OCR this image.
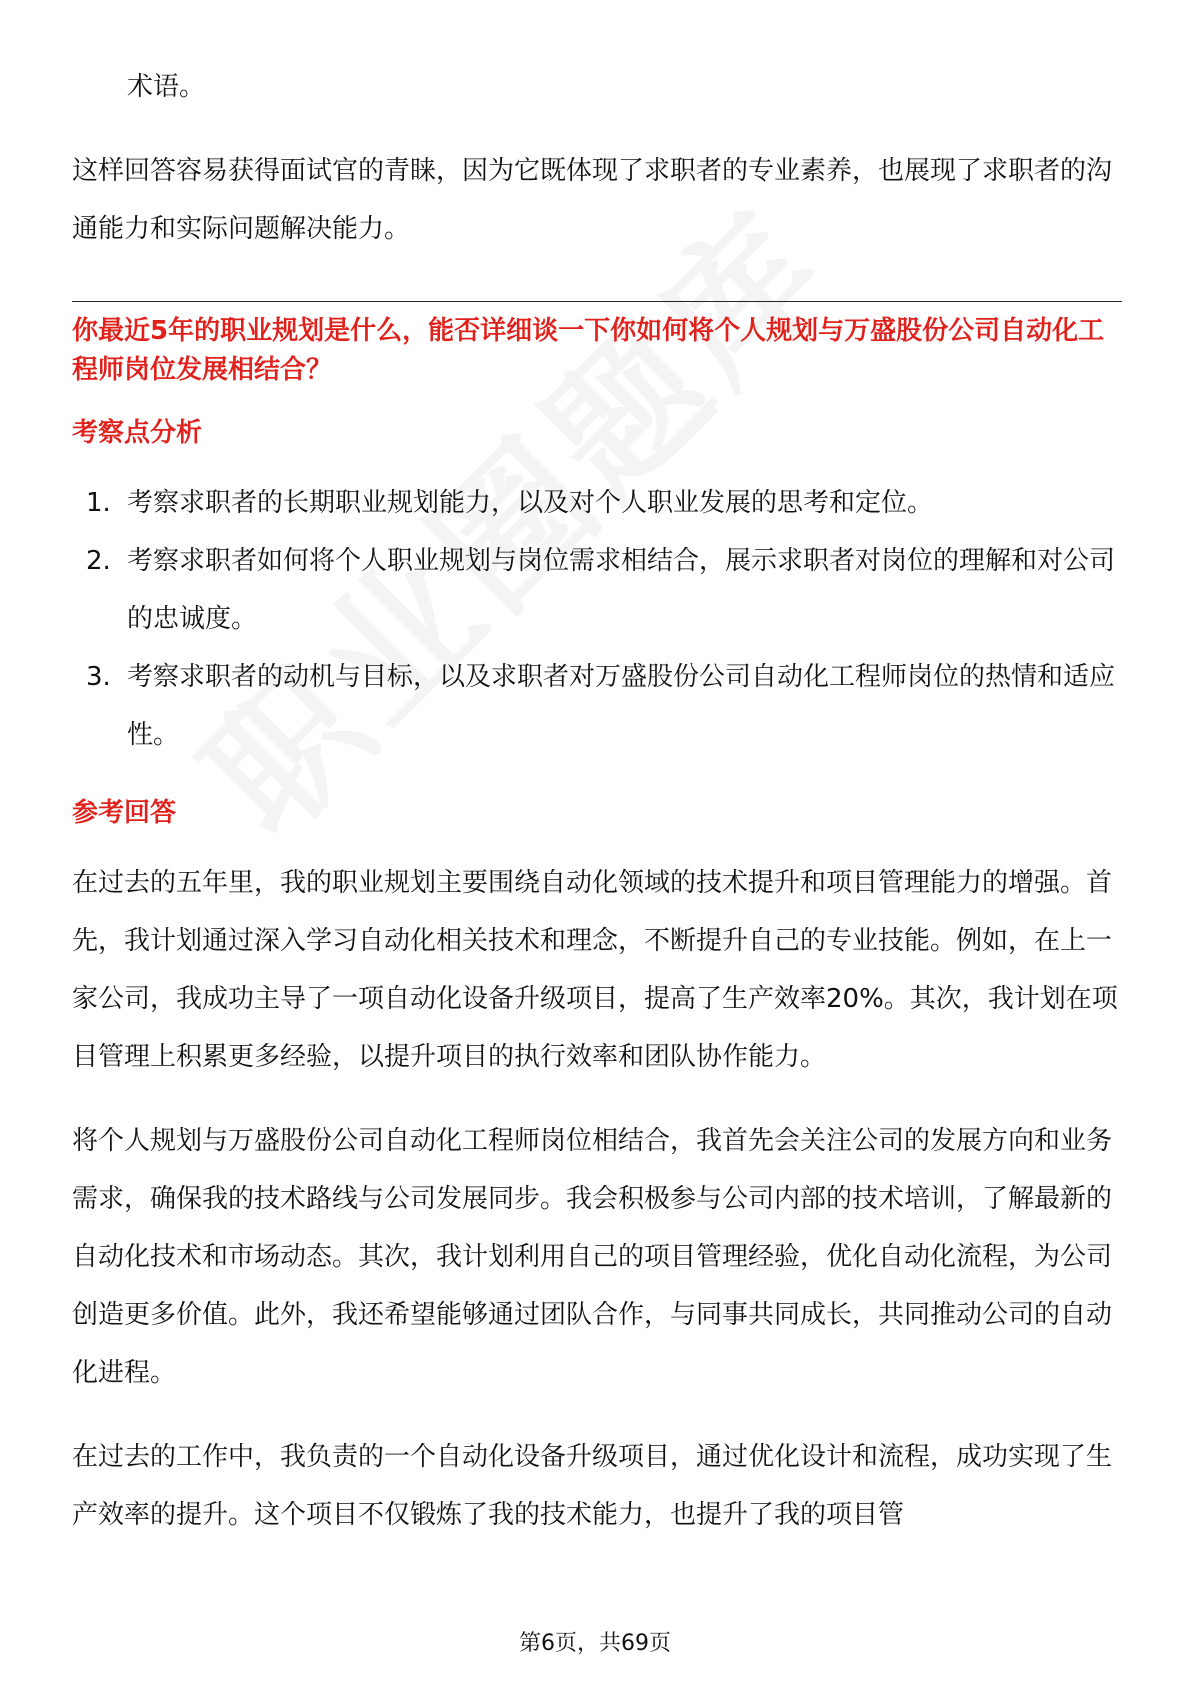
术语。

这样回答容易获得面试官的青睐，因为它既体现了求职者的专业素养，也展现了求职者的沟通能力和实际问题解决能力。

你最近5年的职业规划是什么，能否详细谈一下你如何将个人规划与万盛股份公司自动化工程师岗位发展相结合？

考察点分析

1. 考察求职者的长期职业规划能力，以及对个人职业发展的思考和定位。
2. 考察求职者如何将个人职业规划与岗位需求相结合，展示求职者对岗位的理解和对公司的忠诚度。
3. 考察求职者的动机与目标，以及求职者对万盛股份公司自动化工程师岗位的热情和适应性。

参考回答

在过去的五年里，我的职业规划主要围绕自动化领域的技术提升和项目管理能力的增强。首先，我计划通过深入学习自动化相关技术和理念，不断提升自己的专业技能。例如，在上一家公司，我成功主导了一项自动化设备升级项目，提高了生产效率20%。其次，我计划在项目管理上积累更多经验，以提升项目的执行效率和团队协作能力。

将个人规划与万盛股份公司自动化工程师岗位相结合，我首先会关注公司的发展方向和业务需求，确保我的技术路线与公司发展同步。我会积极参与公司内部的技术培训，了解最新的自动化技术和市场动态。其次，我计划利用自己的项目管理经验，优化自动化流程，为公司创造更多价值。此外，我还希望能够通过团队合作，与同事共同成长，共同推动公司的自动化进程。

在过去的工作中，我负责的一个自动化设备升级项目，通过优化设计和流程，成功实现了生产效率的提升。这个项目不仅锻炼了我的技术能力，也提升了我的项目管

第6页，共69页
